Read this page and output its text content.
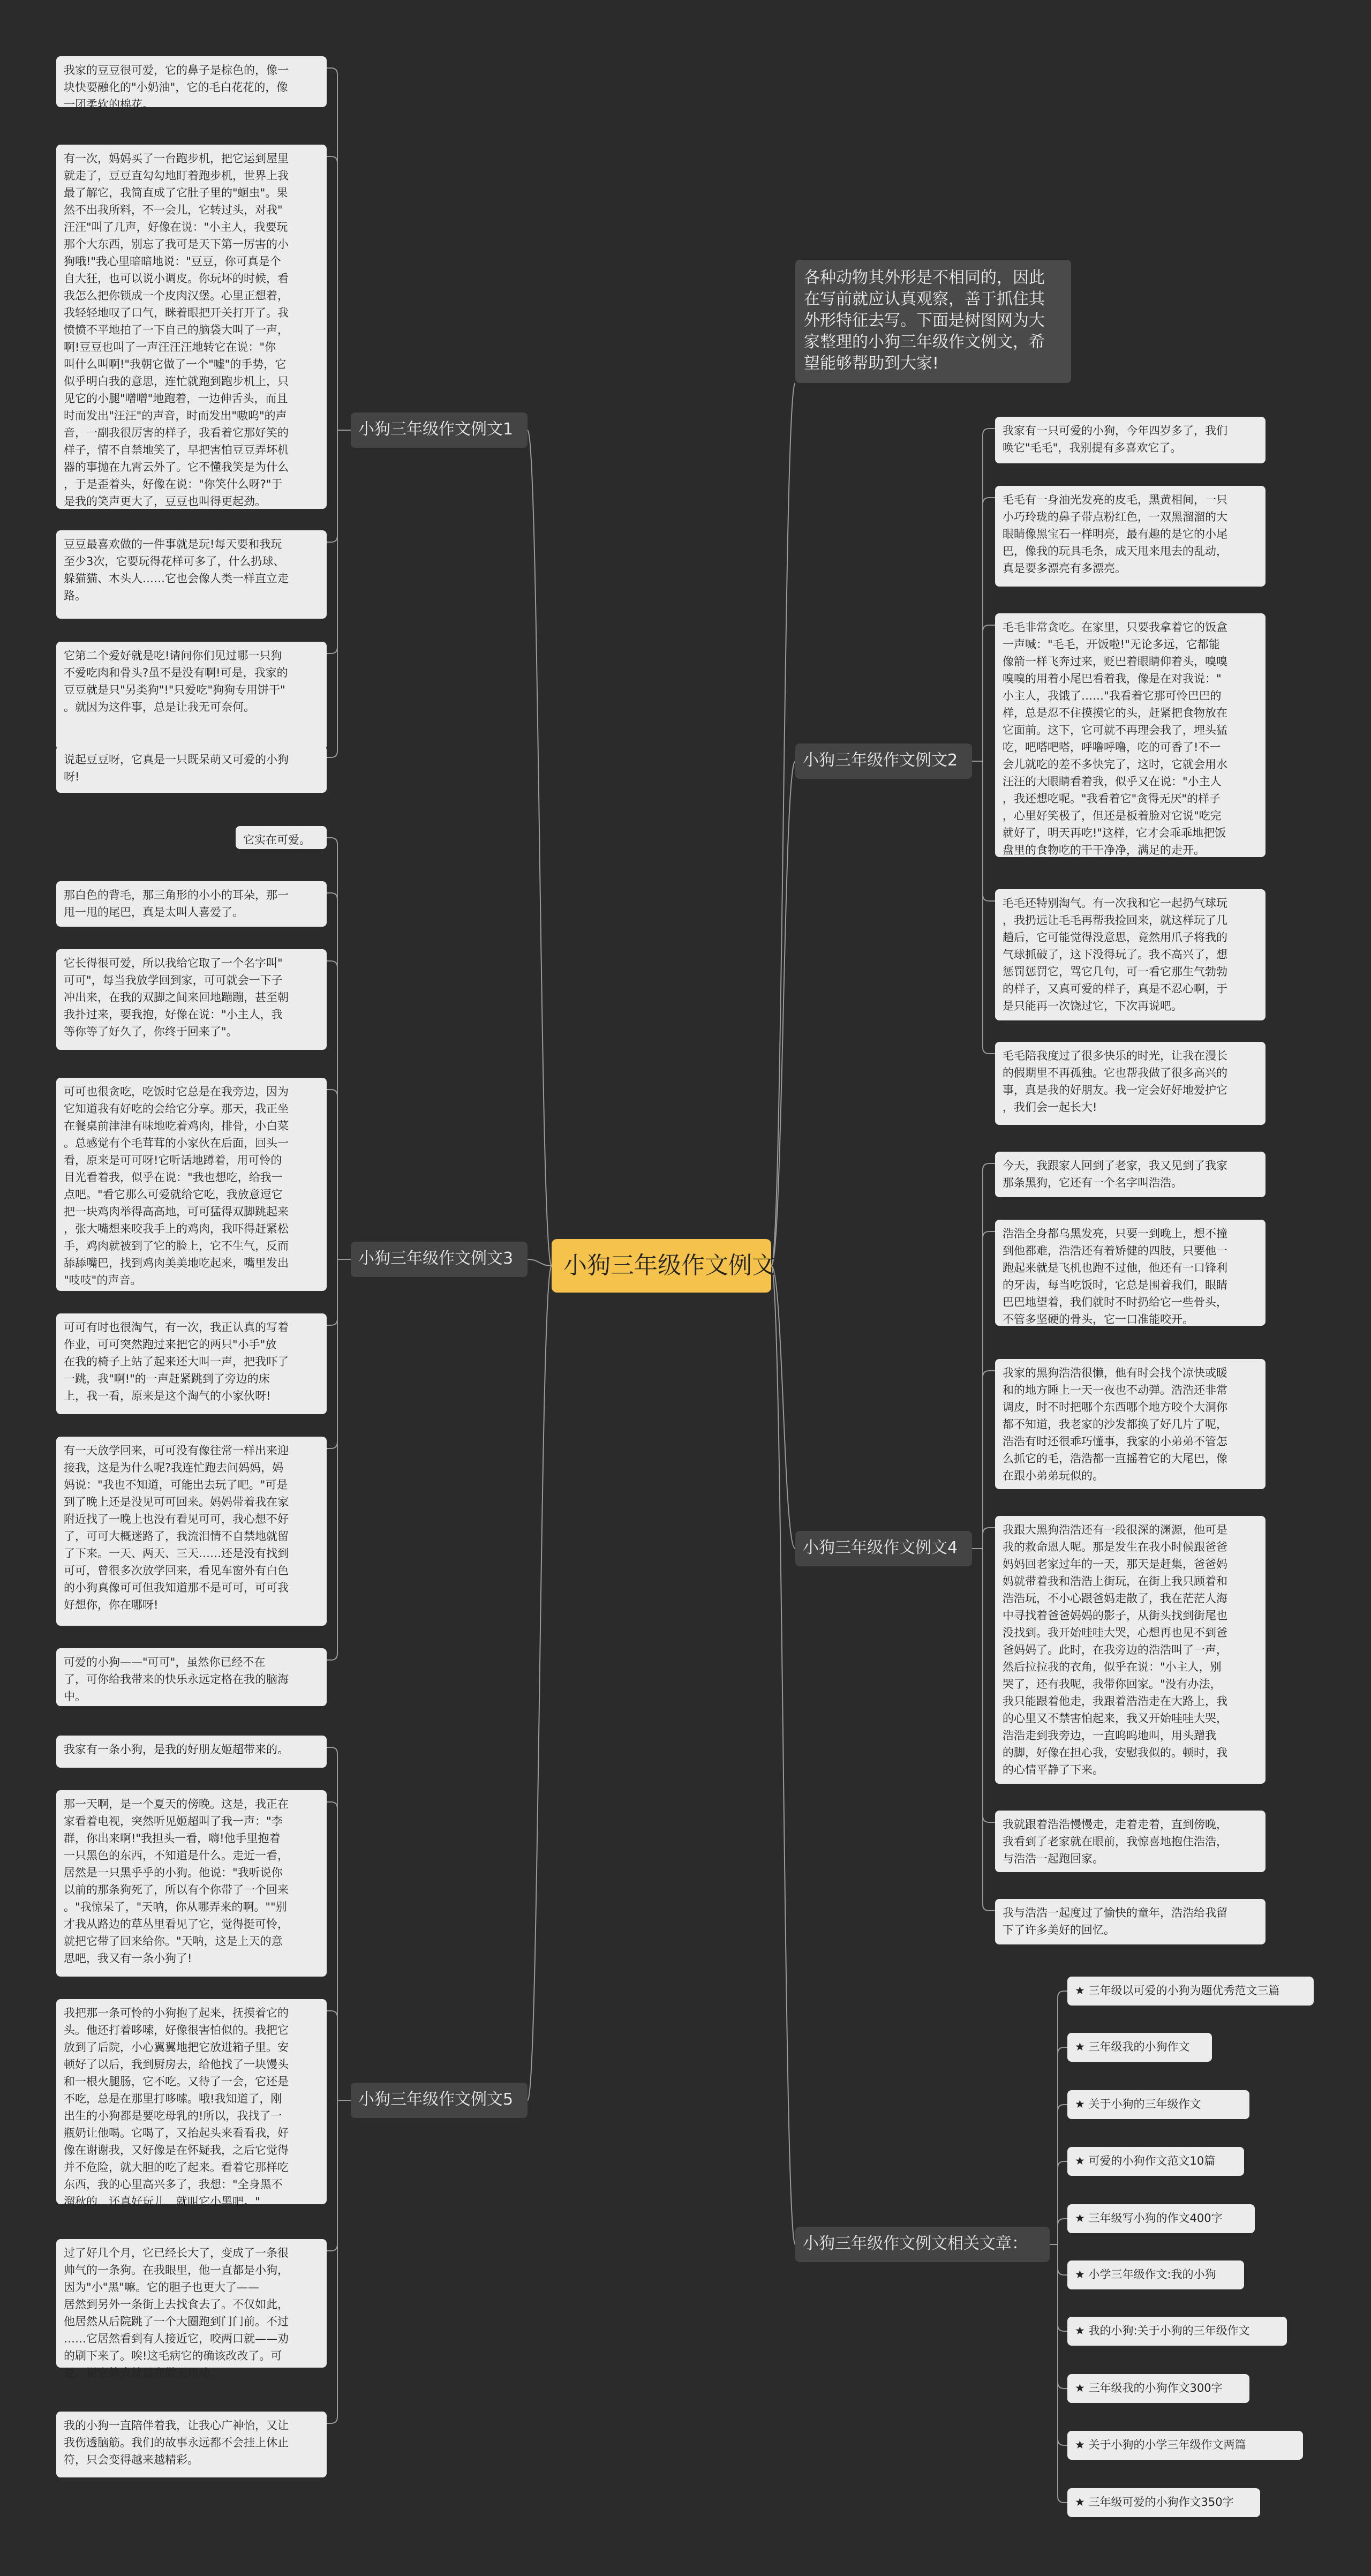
小狗三年级作文例文
各种动物其外形是不相同的，因此
在写前就应认真观察，善于抓住其
外形特征去写。下面是树图网为大
家整理的小狗三年级作文例文，希
望能够帮助到大家!
小狗三年级作文例文1
我家的豆豆很可爱，它的鼻子是棕色的，像一
块快要融化的"小奶油"，它的毛白花花的，像
一团柔软的棉花。
有一次，妈妈买了一台跑步机，把它运到屋里
就走了，豆豆直勾勾地盯着跑步机，世界上我
最了解它，我简直成了它肚子里的"蛔虫"。果
然不出我所料，不一会儿，它转过头，对我"
汪汪"叫了几声，好像在说："小主人，我要玩
那个大东西，别忘了我可是天下第一厉害的小
狗哦!"我心里暗暗地说："豆豆，你可真是个
自大狂，也可以说小调皮。你玩坏的时候，看
我怎么把你锁成一个皮肉汉堡。心里正想着，
我轻轻地叹了口气，眯着眼把开关打开了。我
愤愤不平地拍了一下自己的脑袋大叫了一声，
啊!豆豆也叫了一声汪汪汪地转它在说："你
叫什么叫啊!"我朝它做了一个"嘘"的手势，它
似乎明白我的意思，连忙就跑到跑步机上，只
见它的小腿"噌噌"地跑着，一边伸舌头，而且
时而发出"汪汪"的声音，时而发出"嗷呜"的声
音，一副我很厉害的样子，我看着它那好笑的
样子，情不自禁地笑了，早把害怕豆豆弄坏机
器的事抛在九霄云外了。它不懂我笑是为什么
，于是歪着头，好像在说："你笑什么呀?"于
是我的笑声更大了，豆豆也叫得更起劲。
豆豆最喜欢做的一件事就是玩!每天要和我玩
至少3次，它要玩得花样可多了，什么扔球、
躲猫猫、木头人……它也会像人类一样直立走
路。
它第二个爱好就是吃!请问你们见过哪一只狗
不爱吃肉和骨头?虽不是没有啊!可是，我家的
豆豆就是只"另类狗"!"只爱吃"狗狗专用饼干"
。就因为这件事，总是让我无可奈何。
说起豆豆呀，它真是一只既呆萌又可爱的小狗
呀!
小狗三年级作文例文3
它实在可爱。
那白色的背毛，那三角形的小小的耳朵，那一
甩一甩的尾巴，真是太叫人喜爱了。
它长得很可爱，所以我给它取了一个名字叫"
可可"，每当我放学回到家，可可就会一下子
冲出来，在我的双脚之间来回地蹦蹦，甚至朝
我扑过来，要我抱，好像在说："小主人，我
等你等了好久了，你终于回来了"。
可可也很贪吃，吃饭时它总是在我旁边，因为
它知道我有好吃的会给它分享。那天，我正坐
在餐桌前津津有味地吃着鸡肉，排骨，小白菜
。总感觉有个毛茸茸的小家伙在后面，回头一
看，原来是可可呀!它听话地蹲着，用可怜的
目光看着我，似乎在说："我也想吃，给我一
点吧。"看它那么可爱就给它吃，我放意逗它
把一块鸡肉举得高高地，可可猛得双脚跳起来
，张大嘴想来咬我手上的鸡肉，我吓得赶紧松
手，鸡肉就被到了它的脸上，它不生气，反而
舔舔嘴巴，找到鸡肉美美地吃起来，嘴里发出
"吱吱"的声音。
可可有时也很淘气，有一次，我正认真的写着
作业，可可突然跑过来把它的两只"小手"放
在我的椅子上站了起来还大叫一声，把我吓了
一跳，我"啊!"的一声赶紧跳到了旁边的床
上，我一看，原来是这个淘气的小家伙呀!
有一天放学回来，可可没有像往常一样出来迎
接我，这是为什么呢?我连忙跑去问妈妈，妈
妈说："我也不知道，可能出去玩了吧。"可是
到了晚上还是没见可可回来。妈妈带着我在家
附近找了一晚上也没有看见可可，我心想不好
了，可可大概迷路了，我流泪情不自禁地就留
了下来。一天、两天、三天……还是没有找到
可可，曾很多次放学回来，看见车窗外有白色
的小狗真像可可但我知道那不是可可，可可我
好想你，你在哪呀!
可爱的小狗——"可可"，虽然你已经不在
了，可你给我带来的快乐永远定格在我的脑海
中。
小狗三年级作文例文5
我家有一条小狗，是我的好朋友姬超带来的。
那一天啊，是一个夏天的傍晚。这是，我正在
家看着电视，突然听见姬超叫了我一声："李
群，你出来啊!"我担头一看，嗨!他手里抱着
一只黑色的东西，不知道是什么。走近一看，
居然是一只黑乎乎的小狗。他说："我听说你
以前的那条狗死了，所以有个你带了一个回来
。"我惊呆了，"天呐，你从哪弄来的啊。""别
才我从路边的草丛里看见了它，觉得挺可怜，
就把它带了回来给你。"天呐，这是上天的意
思吧，我又有一条小狗了!
我把那一条可怜的小狗抱了起来，抚摸着它的
头。他还打着哆嗦，好像很害怕似的。我把它
放到了后院，小心翼翼地把它放进箱子里。安
顿好了以后，我到厨房去，给他找了一块馒头
和一根火腿肠，它不吃。又待了一会，它还是
不吃，总是在那里打哆嗦。哦!我知道了，刚
出生的小狗都是要吃母乳的!所以，我找了一
瓶奶让他喝。它喝了，又抬起头来看看我，好
像在谢谢我，又好像是在怀疑我，之后它觉得
并不危险，就大胆的吃了起来。看着它那样吃
东西，我的心里高兴多了，我想："全身黑不
溜秋的，还真好玩儿，就叫它小黑吧。"
过了好几个月，它已经长大了，变成了一条很
帅气的一条狗。在我眼里，他一直都是小狗，
因为"小"黑"嘛。它的胆子也更大了——
居然到另外一条街上去找食去了。不仅如此，
他居然从后院跳了一个大圈跑到门门前。不过
……它居然看到有人接近它，咬两口就——劝
的刷下来了。唉!这毛病它的确该改改了。可
是，说它简直就是在做无用功。
我的小狗一直陪伴着我，让我心广神怡，又让
我伤透脑筋。我们的故事永远都不会挂上休止
符，只会变得越来越精彩。
小狗三年级作文例文2
我家有一只可爱的小狗，今年四岁多了，我们
唤它"毛毛"，我别提有多喜欢它了。
毛毛有一身油光发亮的皮毛，黑黄相间，一只
小巧玲珑的鼻子带点粉红色，一双黑溜溜的大
眼睛像黑宝石一样明亮，最有趣的是它的小尾
巴，像我的玩具毛条，成天甩来甩去的乱动，
真是要多漂亮有多漂亮。
毛毛非常贪吃。在家里，只要我拿着它的饭盒
一声喊："毛毛，开饭啦!"无论多远，它都能
像箭一样飞奔过来，贬巴着眼睛仰着头，嗅嗅
嗅嗅的用着小尾巴看着我，像是在对我说："
小主人，我饿了……"我看着它那可怜巴巴的
样，总是忍不住摸摸它的头，赶紧把食物放在
它面前。这下，它可就不再理会我了，埋头猛
吃，吧嗒吧嗒，呼噜呼噜，吃的可香了!不一
会儿就吃的差不多快完了，这时，它就会用水
汪汪的大眼睛看着我，似乎又在说："小主人
，我还想吃呢。"我看着它"贪得无厌"的样子
，心里好笑极了，但还是板着脸对它说"吃完
就好了，明天再吃!"这样，它才会乖乖地把饭
盘里的食物吃的干干净净，满足的走开。
毛毛还特别淘气。有一次我和它一起扔气球玩
，我扔远让毛毛再帮我捡回来，就这样玩了几
趟后，它可能觉得没意思，竟然用爪子将我的
气球抓破了，这下没得玩了。我不高兴了，想
惩罚惩罚它，骂它几句，可一看它那生气勃勃
的样子，又真可爱的样子，真是不忍心啊，于
是只能再一次饶过它，下次再说吧。
毛毛陪我度过了很多快乐的时光，让我在漫长
的假期里不再孤独。它也帮我做了很多高兴的
事，真是我的好朋友。我一定会好好地爱护它
，我们会一起长大!
小狗三年级作文例文4
今天，我跟家人回到了老家，我又见到了我家
那条黑狗，它还有一个名字叫浩浩。
浩浩全身都乌黑发亮，只要一到晚上，想不撞
到他都难，浩浩还有着矫健的四肢，只要他一
跑起来就是飞机也跑不过他，他还有一口锋利
的牙齿，每当吃饭时，它总是围着我们，眼睛
巴巴地望着，我们就时不时扔给它一些骨头，
不管多坚硬的骨头，它一口准能咬开。
我家的黑狗浩浩很懒，他有时会找个凉快或暖
和的地方睡上一天一夜也不动弹。浩浩还非常
调皮，时不时把哪个东西哪个地方咬个大洞你
都不知道，我老家的沙发都换了好几片了呢，
浩浩有时还很乖巧懂事，我家的小弟弟不管怎
么抓它的毛，浩浩都一直摇着它的大尾巴，像
在跟小弟弟玩似的。
我跟大黑狗浩浩还有一段很深的渊源，他可是
我的救命恩人呢。那是发生在我小时候跟爸爸
妈妈回老家过年的一天，那天是赶集，爸爸妈
妈就带着我和浩浩上街玩，在街上我只顾着和
浩浩玩，不小心跟爸妈走散了，我在茫茫人海
中寻找着爸爸妈妈的影子，从街头找到街尾也
没找到。我开始哇哇大哭，心想再也见不到爸
爸妈妈了。此时，在我旁边的浩浩叫了一声，
然后拉拉我的衣角，似乎在说："小主人，别
哭了，还有我呢，我带你回家。"没有办法，
我只能跟着他走，我跟着浩浩走在大路上，我
的心里又不禁害怕起来，我又开始哇哇大哭，
浩浩走到我旁边，一直呜呜地叫，用头蹭我
的脚，好像在担心我，安慰我似的。顿时，我
的心情平静了下来。
我就跟着浩浩慢慢走，走着走着，直到傍晚，
我看到了老家就在眼前，我惊喜地抱住浩浩，
与浩浩一起跑回家。
我与浩浩一起度过了愉快的童年，浩浩给我留
下了许多美好的回忆。
小狗三年级作文例文相关文章：
★ 三年级以可爱的小狗为题优秀范文三篇
★ 三年级我的小狗作文
★ 关于小狗的三年级作文
★ 可爱的小狗作文范文10篇
★ 三年级写小狗的作文400字
★ 小学三年级作文:我的小狗
★ 我的小狗:关于小狗的三年级作文
★ 三年级我的小狗作文300字
★ 关于小狗的小学三年级作文两篇
★ 三年级可爱的小狗作文350字
